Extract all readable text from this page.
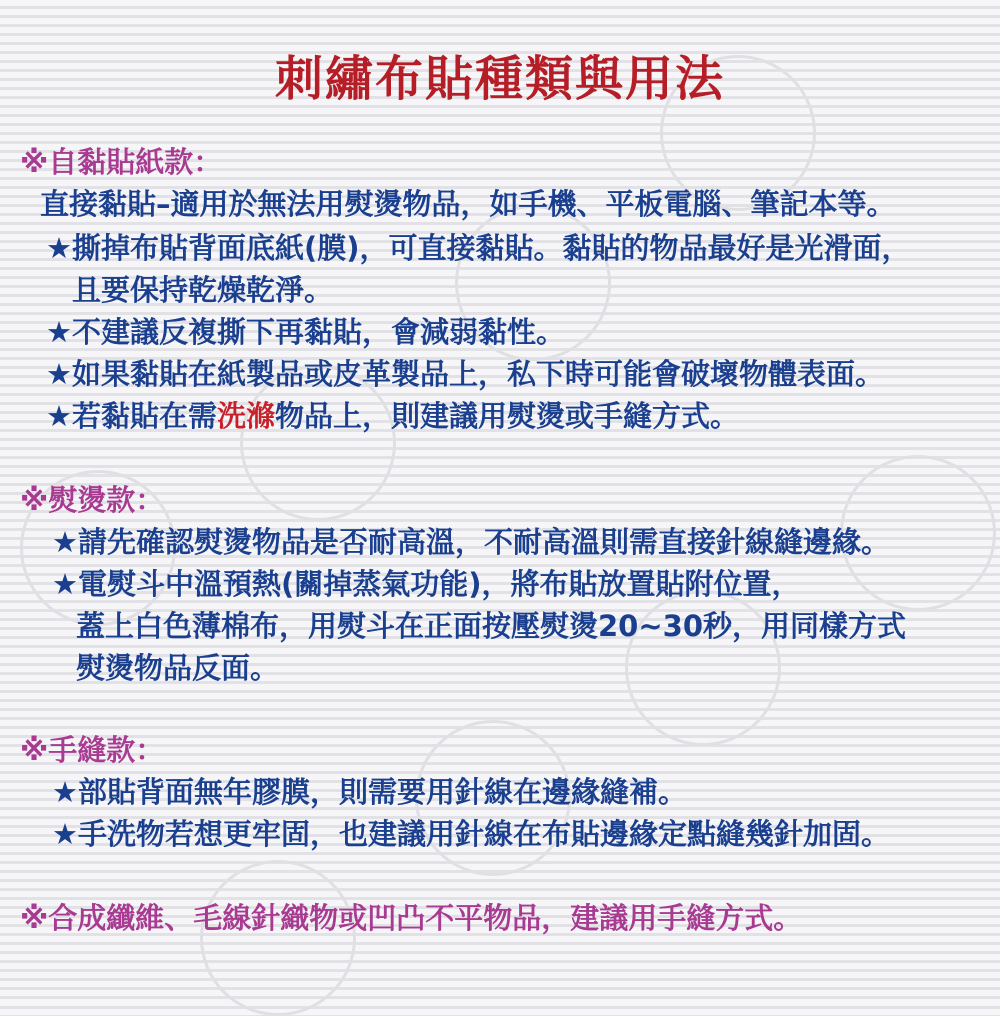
刺繡布貼種類與用法
※自黏貼紙款：
直接黏貼–適用於無法用熨燙物品，如手機、平板電腦、筆記本等。
★撕掉布貼背面底紙(膜)，可直接黏貼。黏貼的物品最好是光滑面，
且要保持乾燥乾淨。
★不建議反複撕下再黏貼，會減弱黏性。
★如果黏貼在紙製品或皮革製品上，私下時可能會破壞物體表面。
★若黏貼在需洗滌物品上，則建議用熨燙或手縫方式。
※熨燙款：
★請先確認熨燙物品是否耐高溫，不耐高溫則需直接針線縫邊緣。
★電熨斗中溫預熱(關掉蒸氣功能)，將布貼放置貼附位置，
蓋上白色薄棉布，用熨斗在正面按壓熨燙20~30秒，用同樣方式
熨燙物品反面。
※手縫款：
★部貼背面無年膠膜，則需要用針線在邊緣縫補。
★手洗物若想更牢固，也建議用針線在布貼邊緣定點縫幾針加固。
※合成纖維、毛線針織物或凹凸不平物品，建議用手縫方式。
